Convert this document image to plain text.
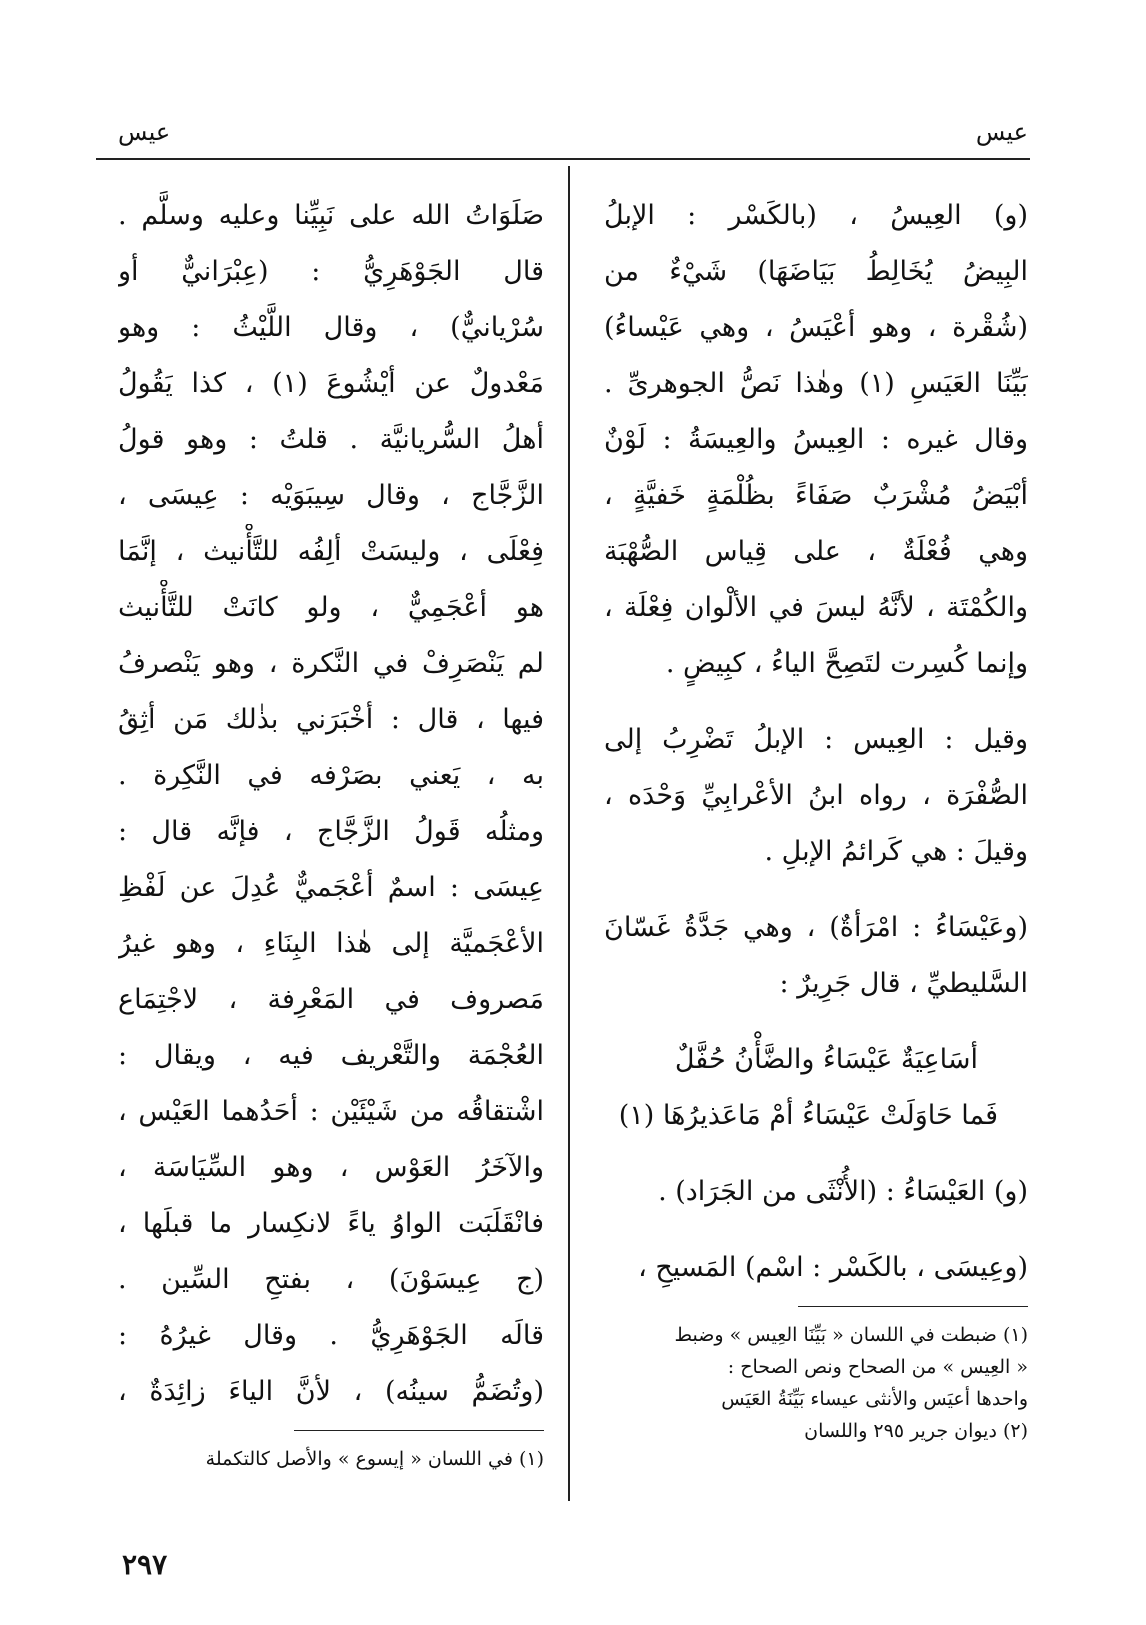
عيس
عيس
(و) العِيسُ ، (بالكَسْر : الإبلُ
البِيضُ يُخَالِطُ بَيَاضَهَا) شَيْءٌ من
(شُقْرة ، وهو أعْيَسُ ، وهي عَيْساءُ)
بَيِّنَا العَيَسِ (١) وهٰذا نَصُّ الجوهرىِّ .
وقال غيره : العِيسُ والعِيسَةُ : لَوْنٌ
أبْيَضُ مُشْرَبٌ صَفَاءً بظُلْمَةٍ خَفيَّةٍ ،
وهي فُعْلَةٌ ، على قِياس الصُّهْبَة
والكُمْتَة ، لأنَّهُ ليسَ في الألْوان فِعْلَة ،
وإنما كُسِرت لتَصِحَّ الياءُ ، كبِيضٍ .
وقيل : العِيس : الإبلُ تَضْرِبُ إلى
الصُّفْرَة ، رواه ابنُ الأعْرابِيِّ وَحْدَه ،
وقيلَ : هي كَرائمُ الإبلِ .
(وعَيْسَاءُ : امْرَأةٌ) ، وهي جَدَّةُ غَسّانَ
السَّليطيِّ ، قال جَرِيرٌ :
أسَاعِيَةٌ عَيْسَاءُ والضَّأْنُ حُفَّلٌ
فَما حَاوَلَتْ عَيْسَاءُ أمْ مَاعَذيرُهَا (١)
(و) العَيْسَاءُ : (الأُنْثَى من الجَرَاد) .
(وعِيسَى ، بالكَسْر : اسْم) المَسيحِ ،
(١) ضبطت في اللسان « بَيِّنَا العِيس » وضبط
« العِيس » من الصحاح ونص الصحاح :
واحدها أعيَس والأنثى عيساء بَيِّنَةُ العَيَس
(٢) ديوان جرير ٢٩٥ واللسان
صَلَوَاتُ الله على نَبِيِّنا وعليه وسلَّم .
قال الجَوْهَرِيُّ : (عِبْرَانيٌّ أو
سُرْيانيٌّ) ، وقال اللَّيْثُ : وهو
مَعْدولٌ عن أيْشُوعَ (١) ، كذا يَقُولُ
أهلُ السُّريانيَّة . قلتُ : وهو قولُ
الزَّجَّاج ، وقال سِيبَوَيْه : عِيسَى ،
فِعْلَى ، وليسَتْ ألِفُه للتَّأْنيث ، إنَّمَا
هو أعْجَمِيٌّ ، ولو كانَتْ للتَّأْنيث
لم يَنْصَرِفْ في النَّكرة ، وهو يَنْصرفُ
فيها ، قال : أخْبَرَني بذٰلك مَن أثِقُ
به ، يَعني بصَرْفه في النَّكِرة .
ومثلُه قَولُ الزَّجَّاج ، فإنَّه قال :
عِيسَى : اسمٌ أعْجَميٌّ عُدِلَ عن لَفْظِ
الأعْجَميَّة إلى هٰذا البِنَاءِ ، وهو غيرُ
مَصروف في المَعْرِفة ، لاجْتِمَاع
العُجْمَة والتَّعْريف فيه ، ويقال :
اشْتقاقُه من شَيْئَيْن : أحَدُهما العَيْس ،
والآخَرُ العَوْس ، وهو السِّيَاسَة ،
فانْقَلَبَت الواوُ ياءً لانكِسار ما قبلَها ،
(ج عِيسَوْنَ) ، بفتحِ السِّين .
قالَه الجَوْهَرِيُّ . وقال غيرُهُ :
(وتُضَمُّ سينُه) ، لأنَّ الياءَ زائِدَةٌ ،
(١) في اللسان « إيسوع » والأصل كالتكملة
٢٩٧
